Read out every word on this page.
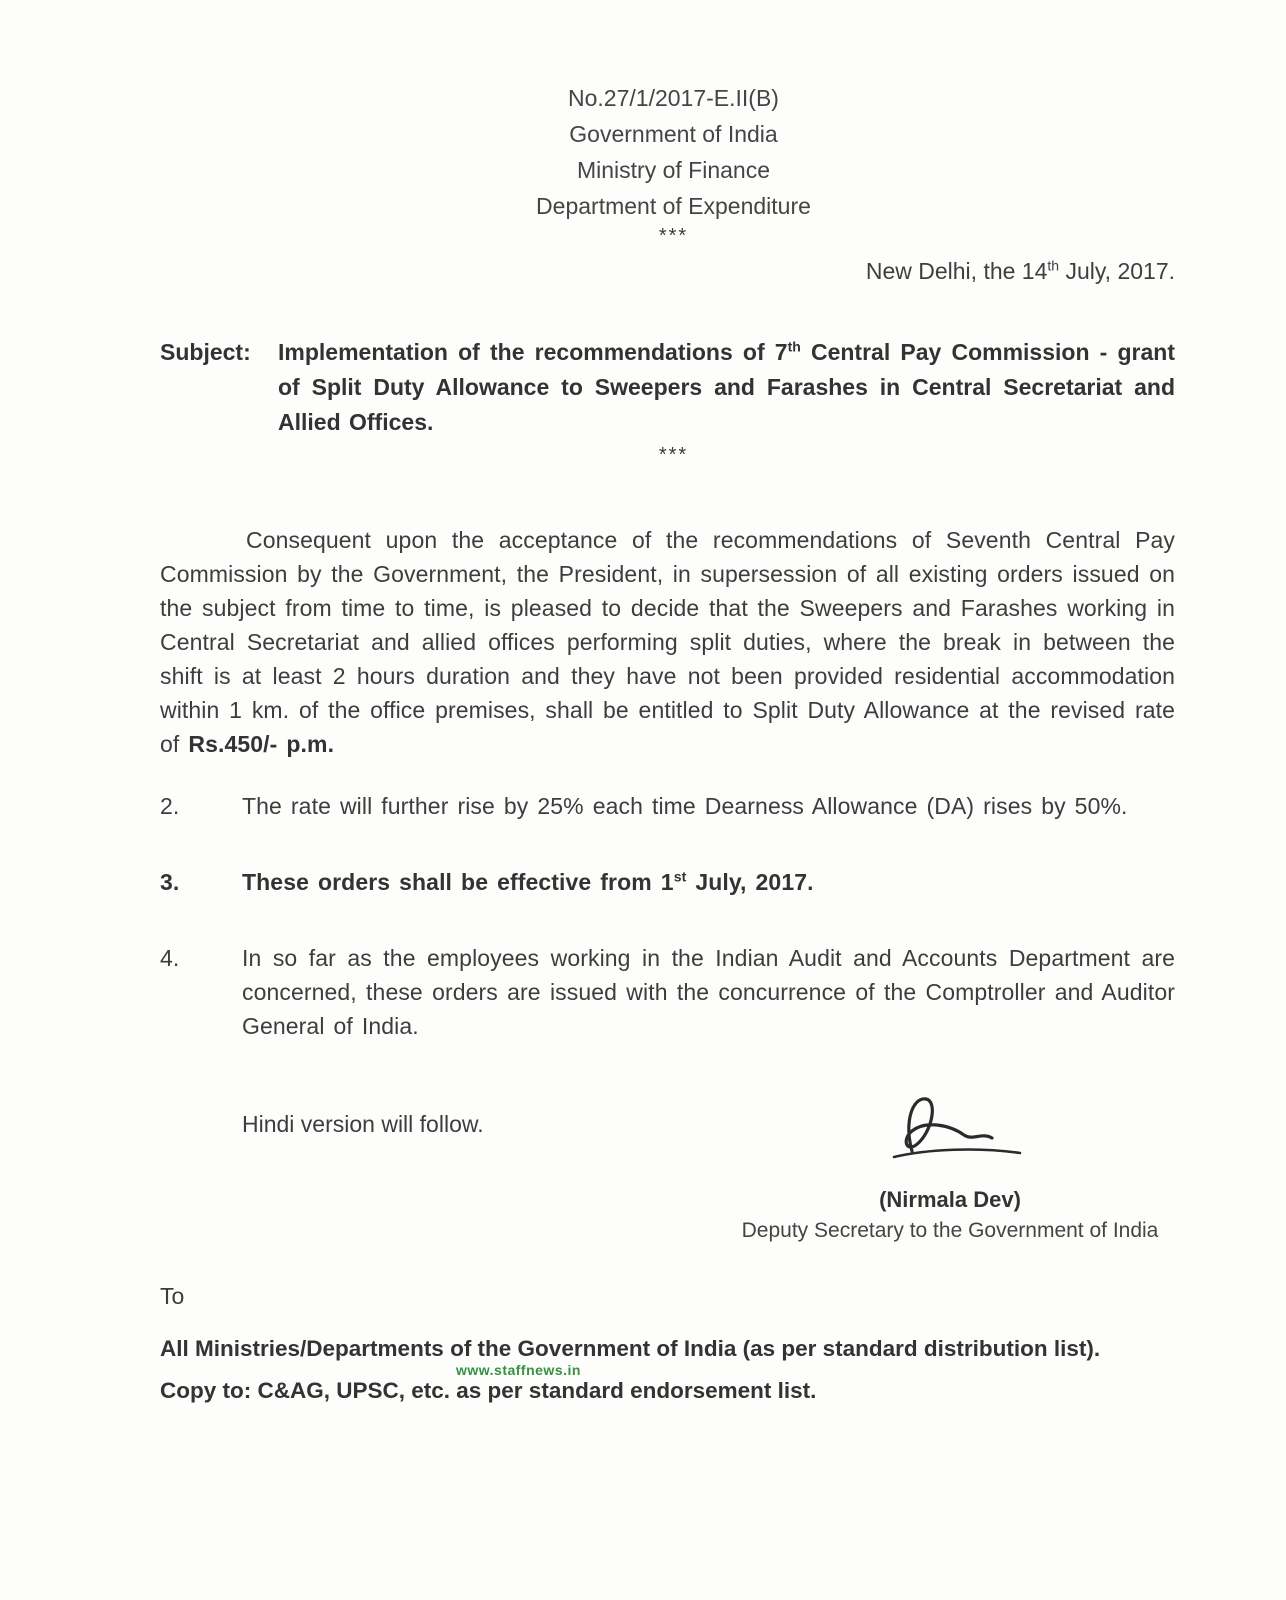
No.27/1/2017-E.II(B)
Government of India
Ministry of Finance
Department of Expenditure
***
New Delhi, the 14th July, 2017.
Subject:	Implementation of the recommendations of 7th Central Pay Commission - grant of Split Duty Allowance to Sweepers and Farashes in Central Secretariat and Allied Offices.
***

Consequent upon the acceptance of the recommendations of Seventh Central Pay Commission by the Government, the President, in supersession of all existing orders issued on the subject from time to time, is pleased to decide that the Sweepers and Farashes working in Central Secretariat and allied offices performing split duties, where the break in between the shift is at least 2 hours duration and they have not been provided residential accommodation within 1 km. of the office premises, shall be entitled to Split Duty Allowance at the revised rate of Rs.450/- p.m.

2.	The rate will further rise by 25% each time Dearness Allowance (DA) rises by 50%.

3.	These orders shall be effective from 1st July, 2017.

4.	In so far as the employees working in the Indian Audit and Accounts Department are concerned, these orders are issued with the concurrence of the Comptroller and Auditor General of India.

Hindi version will follow.
(Nirmala Dev)
Deputy Secretary to the Government of India
To
All Ministries/Departments of the Government of India (as per standard distribution list).
www.staffnews.in
Copy to: C&AG, UPSC, etc. as per standard endorsement list.
